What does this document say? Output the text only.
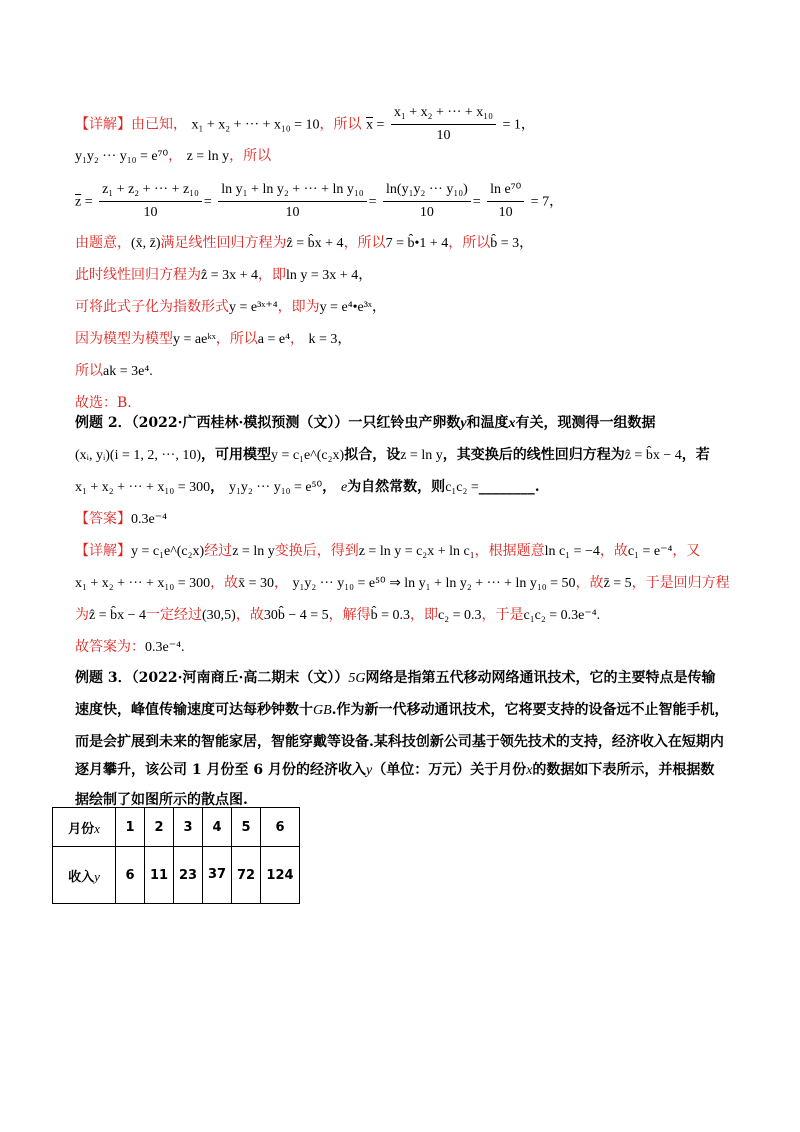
【详解】由已知， x₁ + x₂ + ··· + x₁₀ = 10，所以 $\overline{x} = \frac{\text{x₁ + x₂ + ··· + x₁₀}}{10} = 1$，
y₁y₂ ··· y₁₀ = e⁷⁰， z = ln y，所以
$\overline{z} = \frac{\text{z₁ + z₂ + ··· + z₁₀}}{10} = \frac{\text{ln y₁ + ln y₂ + ··· + ln y₁₀}}{10} = \frac{\text{ln(y₁y₂ ··· y₁₀)}}{10} = \frac{\text{ln e⁷⁰}}{10} = 7$，
由题意，(x̄, z̄)满足线性回归方程为ẑ = b̂x + 4，所以7 = b̂•1 + 4，所以b̂ = 3，
此时线性回归方程为ẑ = 3x + 4，即ln y = 3x + 4，
可将此式子化为指数形式y = e³ˣ⁺⁴，即为y = e⁴•e³ˣ，
因为模型为模型y = aeᵏˣ，所以a = e⁴， k = 3，
所以ak = 3e⁴.
故选：B.
例题 2．（2022·广西桂林·模拟预测（文））一只红铃虫产卵数y和温度x有关，现测得一组数据
(xᵢ, yᵢ)(i = 1, 2, ···, 10)，可用模型y = c₁e^(c₂x)拟合，设z = ln y，其变换后的线性回归方程为ẑ = b̂x − 4，若
x₁ + x₂ + ··· + x₁₀ = 300， y₁y₂ ··· y₁₀ = e⁵⁰， e为自然常数，则c₁c₂ =________.
【答案】0.3e⁻⁴
【详解】y = c₁e^(c₂x)经过z = ln y变换后，得到z = ln y = c₂x + ln c₁，根据题意ln c₁ = −4，故c₁ = e⁻⁴，又
x₁ + x₂ + ··· + x₁₀ = 300，故x̄ = 30， y₁y₂ ··· y₁₀ = e⁵⁰ ⇒ ln y₁ + ln y₂ + ··· + ln y₁₀ = 50，故z̄ = 5，于是回归方程
为ẑ = b̂x − 4一定经过(30,5)，故30b̂ − 4 = 5，解得b̂ = 0.3，即c₂ = 0.3，于是c₁c₂ = 0.3e⁻⁴.
故答案为：0.3e⁻⁴.
例题 3．（2022·河南商丘·高二期末（文））5G网络是指第五代移动网络通讯技术，它的主要特点是传输
速度快，峰值传输速度可达每秒钟数十GB.作为新一代移动通讯技术，它将要支持的设备远不止智能手机，
而是会扩展到未来的智能家居，智能穿戴等设备.某科技创新公司基于领先技术的支持，经济收入在短期内
逐月攀升，该公司 1 月份至 6 月份的经济收入y（单位：万元）关于月份x的数据如下表所示，并根据数
据绘制了如图所示的散点图.
月份x	1	2	3	4	5	6
收入y	6	11	23	37	72	124
